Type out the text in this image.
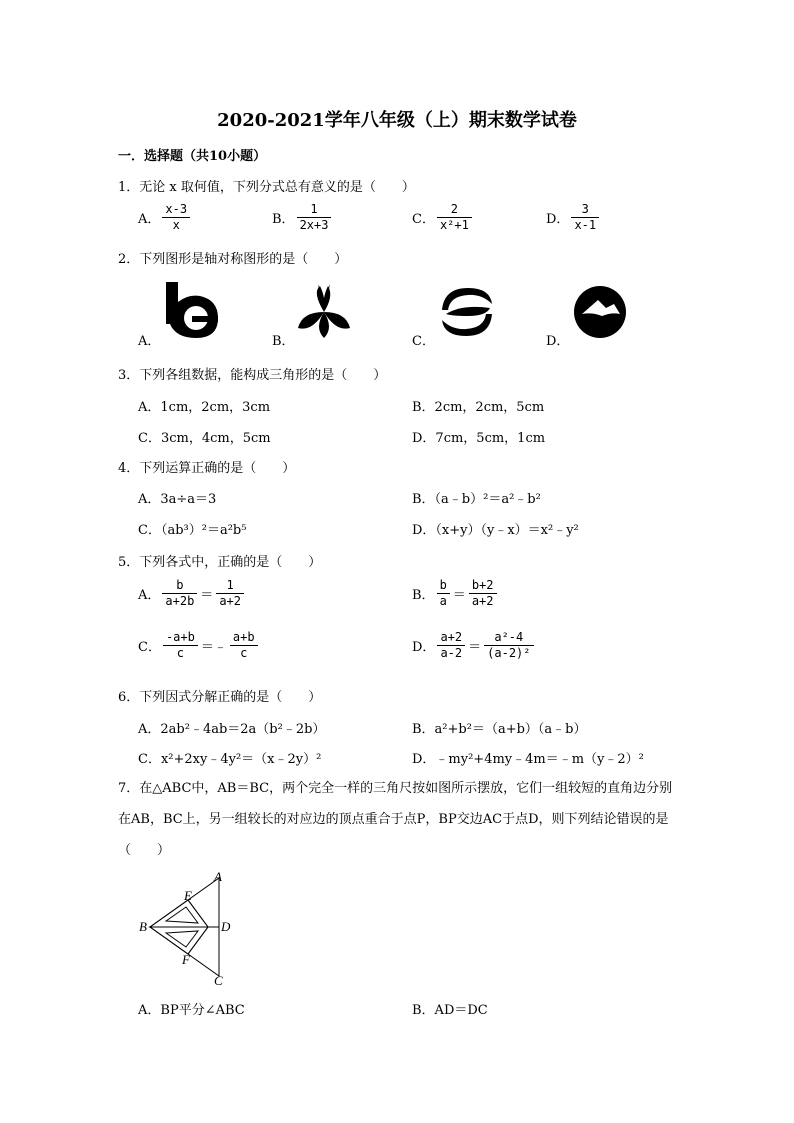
2020-2021学年八年级（上）期末数学试卷
一．选择题（共10小题）
1．无论 x 取何值，下列分式总有意义的是（　　）
A． $\frac{x-3}{x}$	B． $\frac{1}{2x+3}$	C． $\frac{2}{\text{x²+1}}$	D． $\frac{3}{x-1}$
2．下列图形是轴对称图形的是（　　）
A．	B．	C．	D．
3．下列各组数据，能构成三角形的是（　　）
A．1cm，2cm，3cm	B．2cm，2cm，5cm
C．3cm，4cm，5cm	D．7cm，5cm，1cm
4．下列运算正确的是（　　）
A．3a÷a＝3	B．（a﹣b）²＝a²﹣b²
C．（ab³）²＝a²b⁵	D．（x+y）（y﹣x）＝x²﹣y²
5．下列各式中，正确的是（　　）
A． $\frac{b}{a+2b} = \frac{1}{a+2}$	B． $\frac{b}{a} = \frac{b+2}{a+2}$
C． $\frac{-a+b}{c}$ ＝﹣ $\frac{a+b}{c}$	D． $\frac{a+2}{a-2} = \frac{\text{a²-4}}{\text{(a-2)²}}$
6．下列因式分解正确的是（　　）
A．2ab²﹣4ab＝2a（b²﹣2b）	B．a²+b²＝（a+b）（a﹣b）
C．x²+2xy﹣4y²＝（x﹣2y）²	D．﹣my²+4my﹣4m＝﹣m（y﹣2）²
7．在△ABC中，AB＝BC，两个完全一样的三角尺按如图所示摆放，它们一组较短的直角边分别在AB，BC上，另一组较长的对应边的顶点重合于点P，BP交边AC于点D，则下列结论错误的是（　　）
A
B
C
D
E
F
A．BP平分∠ABC	B．AD＝DC
